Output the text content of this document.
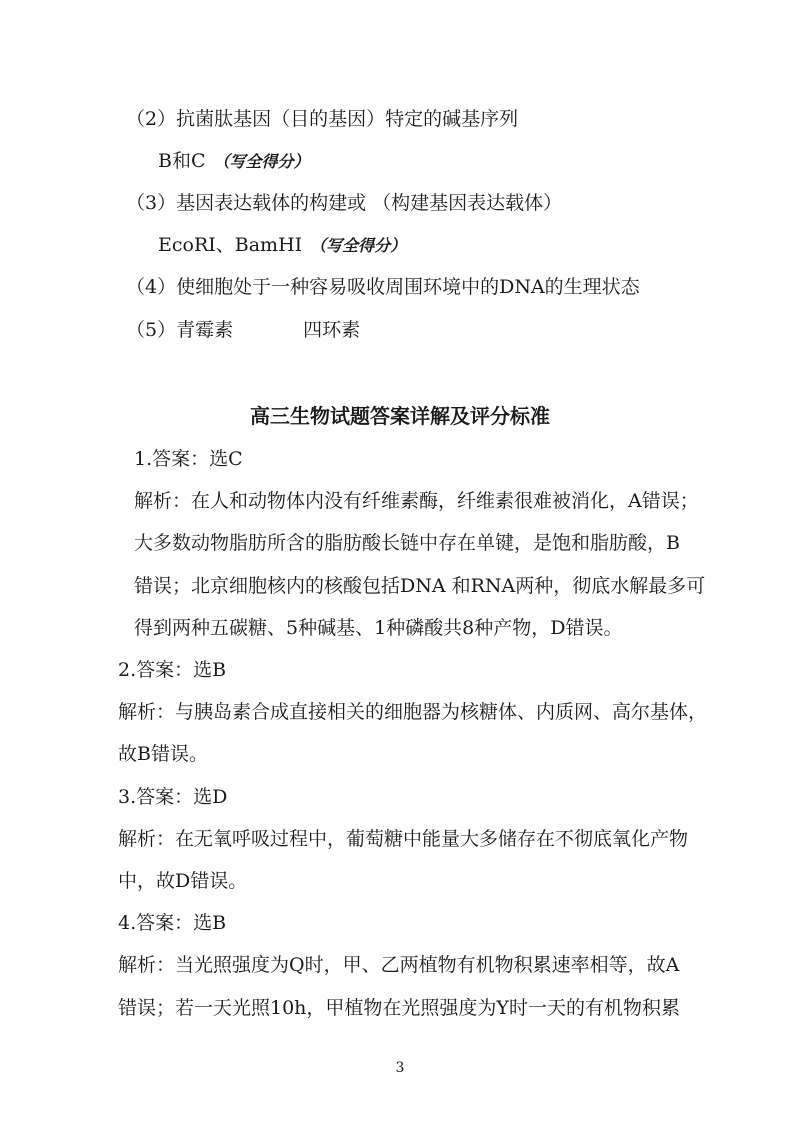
（2）抗菌肽基因（目的基因）特定的碱基序列
B和C （写全得分）
（3）基因表达载体的构建或 （构建基因表达载体）
EcoRⅠ、BamHⅠ （写全得分）
（4）使细胞处于一种容易吸收周围环境中的DNA的生理状态
（5）青霉素	四环素
高三生物试题答案详解及评分标准
1.答案：选C
解析：在人和动物体内没有纤维素酶，纤维素很难被消化，A错误；
大多数动物脂肪所含的脂肪酸长链中存在单键，是饱和脂肪酸，B
错误；北京细胞核内的核酸包括DNA 和RNA两种，彻底水解最多可
得到两种五碳糖、5种碱基、1种磷酸共8种产物，D错误。
2.答案：选B
解析：与胰岛素合成直接相关的细胞器为核糖体、内质网、高尔基体，
故B错误。
3.答案：选D
解析：在无氧呼吸过程中，葡萄糖中能量大多储存在不彻底氧化产物
中，故D错误。
4.答案：选B
解析：当光照强度为Q时，甲、乙两植物有机物积累速率相等，故A
错误；若一天光照10h，甲植物在光照强度为Y时一天的有机物积累
3
